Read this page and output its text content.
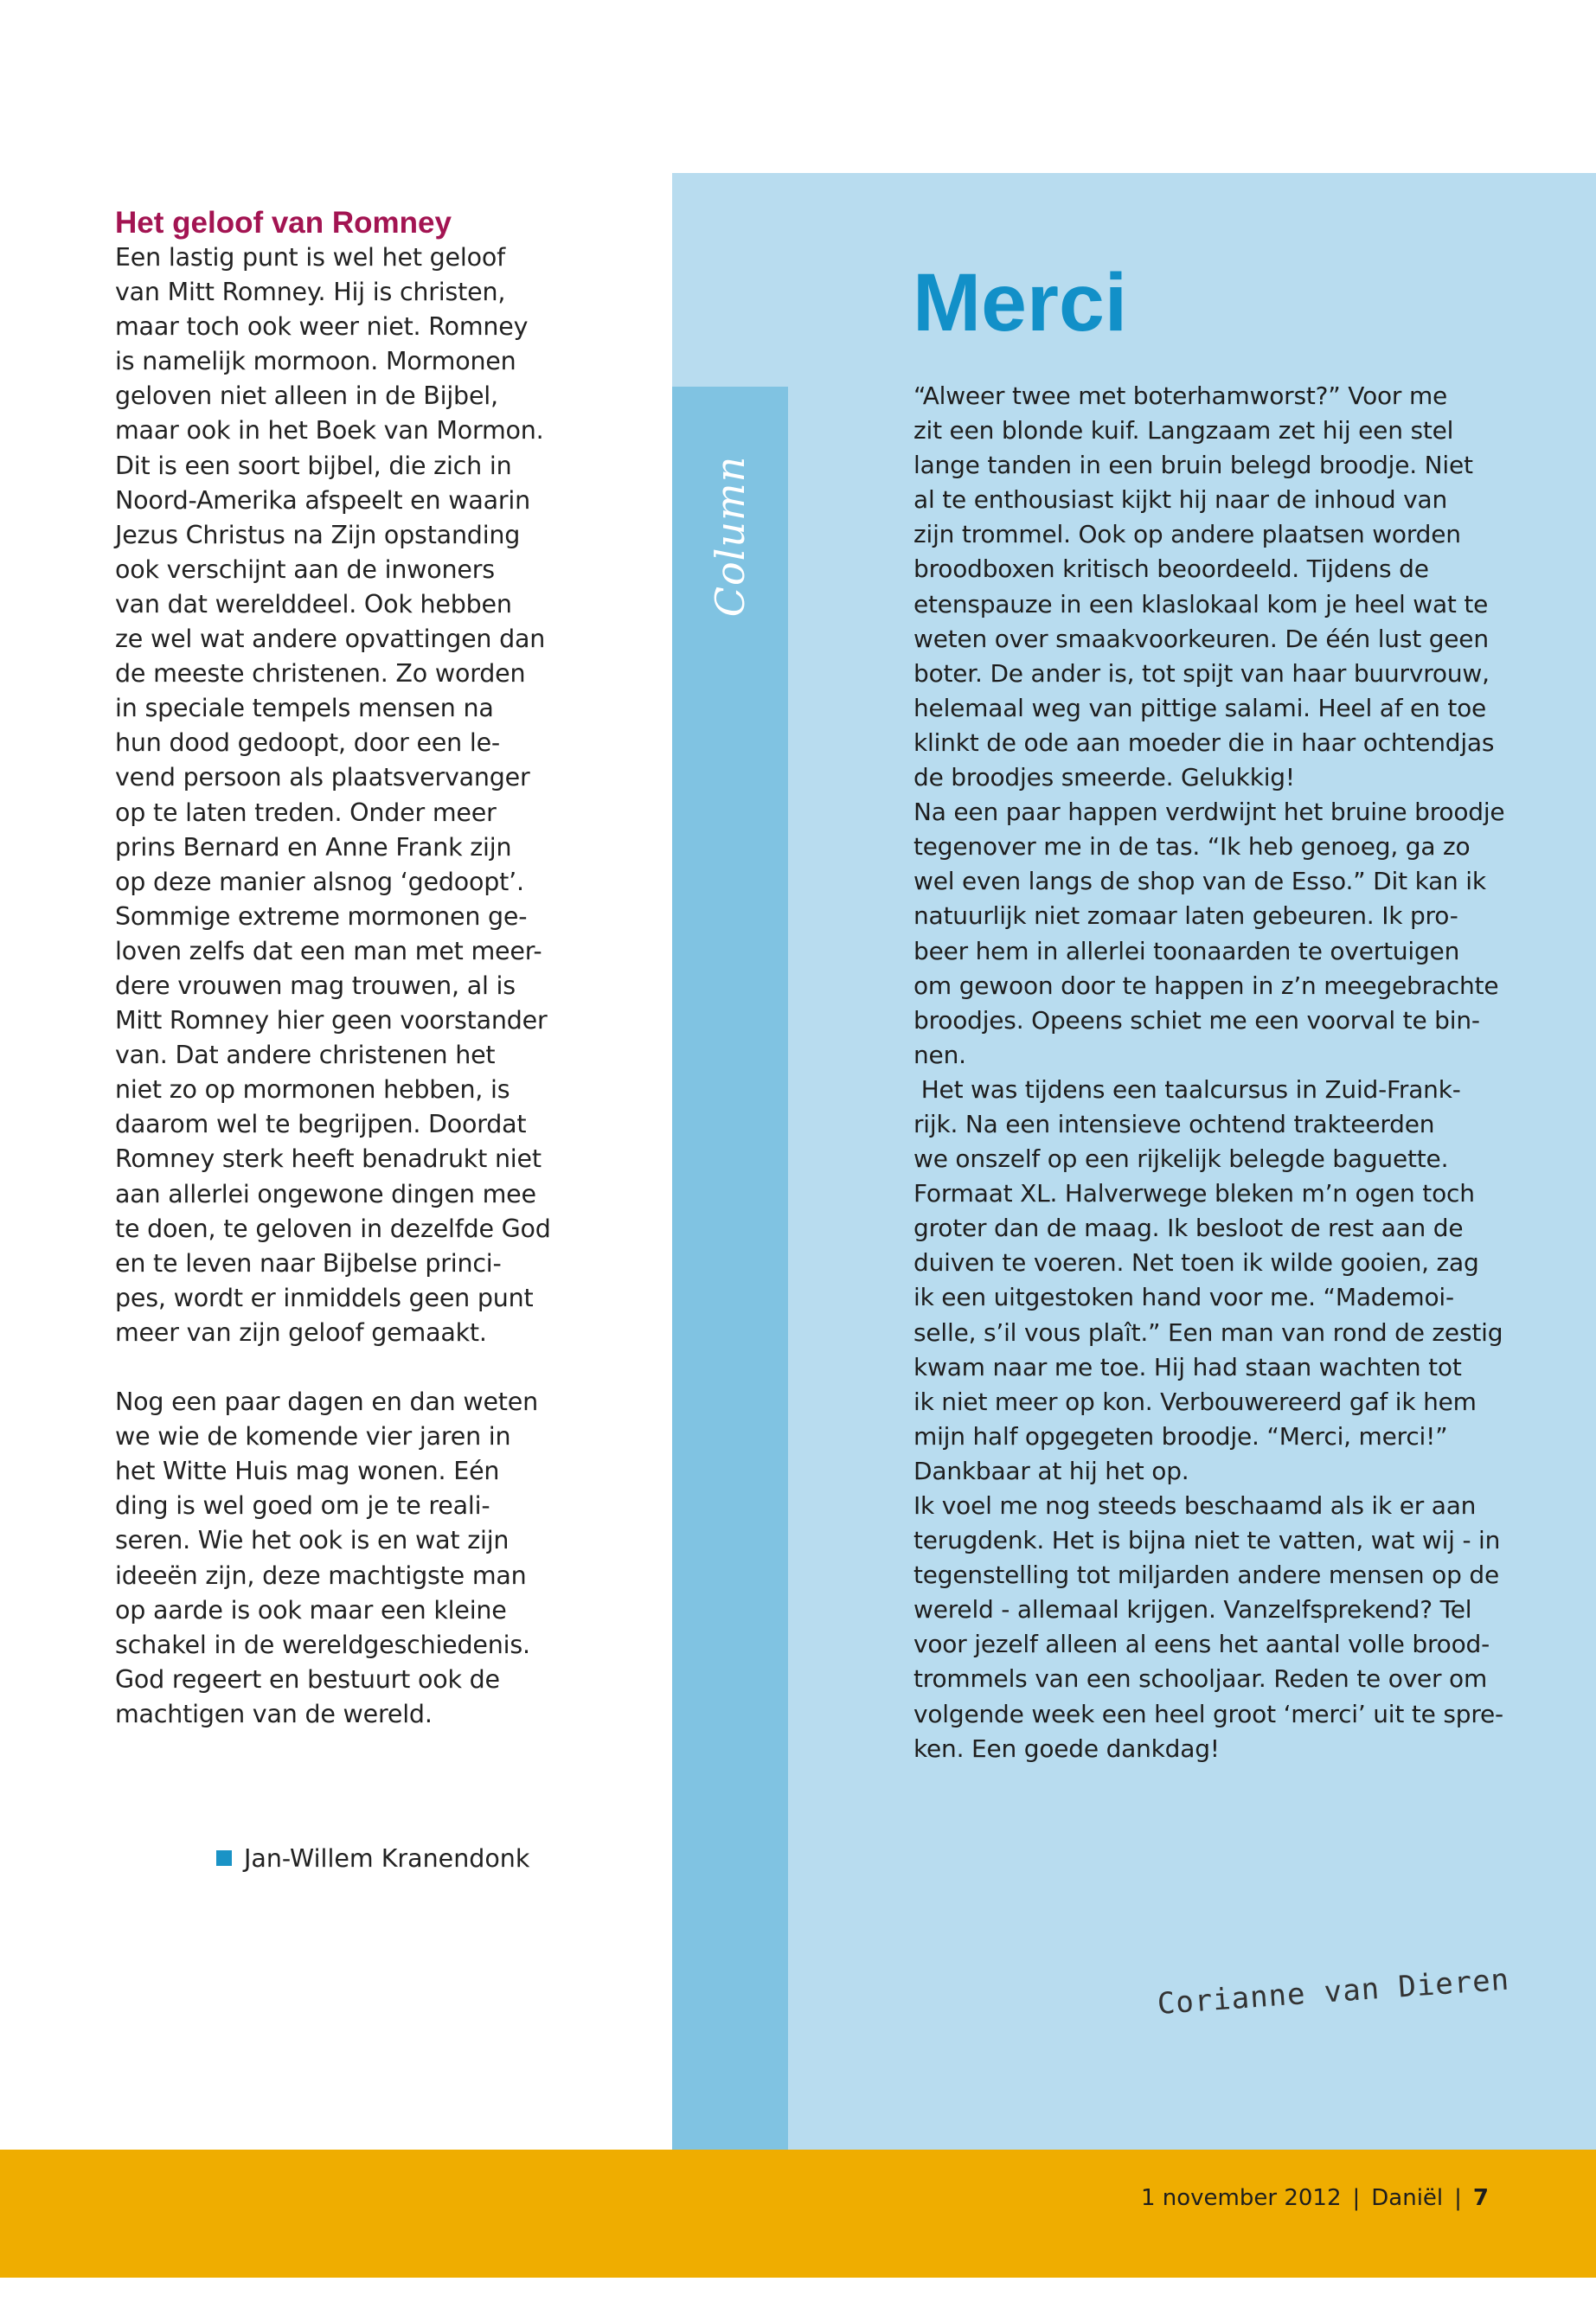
Het geloof van Romney
Een lastig punt is wel het geloof
van Mitt Romney. Hij is christen,
maar toch ook weer niet. Romney
is namelijk mormoon. Mormonen
geloven niet alleen in de Bijbel,
maar ook in het Boek van Mormon.
Dit is een soort bijbel, die zich in
Noord-Amerika afspeelt en waarin
Jezus Christus na Zijn opstanding
ook verschijnt aan de inwoners
van dat werelddeel. Ook hebben
ze wel wat andere opvattingen dan
de meeste christenen. Zo worden
in speciale tempels mensen na
hun dood gedoopt, door een le-
vend persoon als plaatsvervanger
op te laten treden. Onder meer
prins Bernard en Anne Frank zijn
op deze manier alsnog ‘gedoopt’.
Sommige extreme mormonen ge-
loven zelfs dat een man met meer-
dere vrouwen mag trouwen, al is
Mitt Romney hier geen voorstander
van. Dat andere christenen het
niet zo op mormonen hebben, is
daarom wel te begrijpen. Doordat
Romney sterk heeft benadrukt niet
aan allerlei ongewone dingen mee
te doen, te geloven in dezelfde God
en te leven naar Bijbelse princi-
pes, wordt er inmiddels geen punt
meer van zijn geloof gemaakt.
Nog een paar dagen en dan weten
we wie de komende vier jaren in
het Witte Huis mag wonen. Eén
ding is wel goed om je te reali-
seren. Wie het ook is en wat zijn
ideeën zijn, deze machtigste man
op aarde is ook maar een kleine
schakel in de wereldgeschiedenis.
God regeert en bestuurt ook de
machtigen van de wereld.
Jan-Willem Kranendonk
Column
Merci
“Alweer twee met boterhamworst?” Voor me
zit een blonde kuif. Langzaam zet hij een stel
lange tanden in een bruin belegd broodje. Niet
al te enthousiast kijkt hij naar de inhoud van
zijn trommel. Ook op andere plaatsen worden
broodboxen kritisch beoordeeld. Tijdens de
etenspauze in een klaslokaal kom je heel wat te
weten over smaakvoorkeuren. De één lust geen
boter. De ander is, tot spijt van haar buurvrouw,
helemaal weg van pittige salami. Heel af en toe
klinkt de ode aan moeder die in haar ochtendjas
de broodjes smeerde. Gelukkig!
Na een paar happen verdwijnt het bruine broodje
tegenover me in de tas. “Ik heb genoeg, ga zo
wel even langs de shop van de Esso.” Dit kan ik
natuurlijk niet zomaar laten gebeuren. Ik pro-
beer hem in allerlei toonaarden te overtuigen
om gewoon door te happen in z’n meegebrachte
broodjes. Opeens schiet me een voorval te bin-
nen.
Het was tijdens een taalcursus in Zuid-Frank-
rijk. Na een intensieve ochtend trakteerden
we onszelf op een rijkelijk belegde baguette.
Formaat XL. Halverwege bleken m’n ogen toch
groter dan de maag. Ik besloot de rest aan de
duiven te voeren. Net toen ik wilde gooien, zag
ik een uitgestoken hand voor me. “Mademoi-
selle, s’il vous plaît.” Een man van rond de zestig
kwam naar me toe. Hij had staan wachten tot
ik niet meer op kon. Verbouwereerd gaf ik hem
mijn half opgegeten broodje. “Merci, merci!”
Dankbaar at hij het op.
Ik voel me nog steeds beschaamd als ik er aan
terugdenk. Het is bijna niet te vatten, wat wij - in
tegenstelling tot miljarden andere mensen op de
wereld - allemaal krijgen. Vanzelfsprekend? Tel
voor jezelf alleen al eens het aantal volle brood-
trommels van een schooljaar. Reden te over om
volgende week een heel groot ‘merci’ uit te spre-
ken. Een goede dankdag!
Corianne van Dieren
1 november 2012 | Daniël | 7
